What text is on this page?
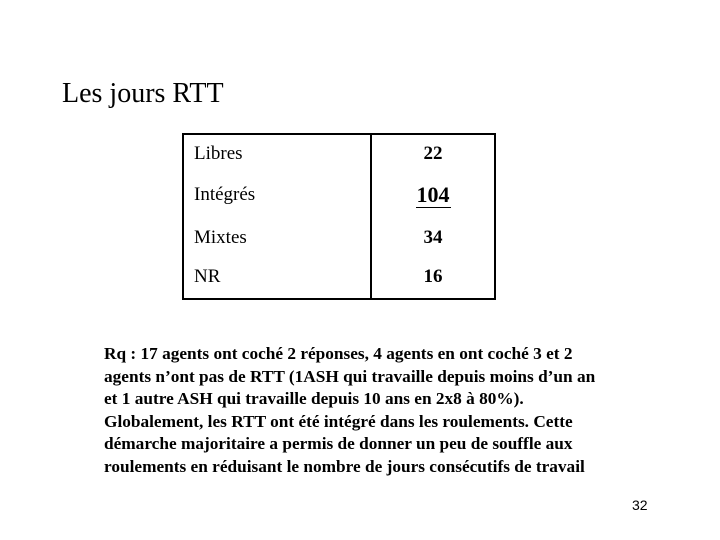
Les jours RTT
Libres	22
Intégrés	104
Mixtes	34
NR	16
Rq : 17 agents ont coché 2 réponses, 4 agents en ont coché 3 et 2
agents n’ont pas de RTT (1ASH qui travaille depuis moins d’un an
et 1 autre ASH qui travaille depuis 10 ans en 2x8 à 80%).
Globalement, les RTT ont été intégré dans les roulements. Cette
démarche majoritaire a permis de donner un peu de souffle aux
roulements en réduisant le nombre de jours consécutifs de travail
32
